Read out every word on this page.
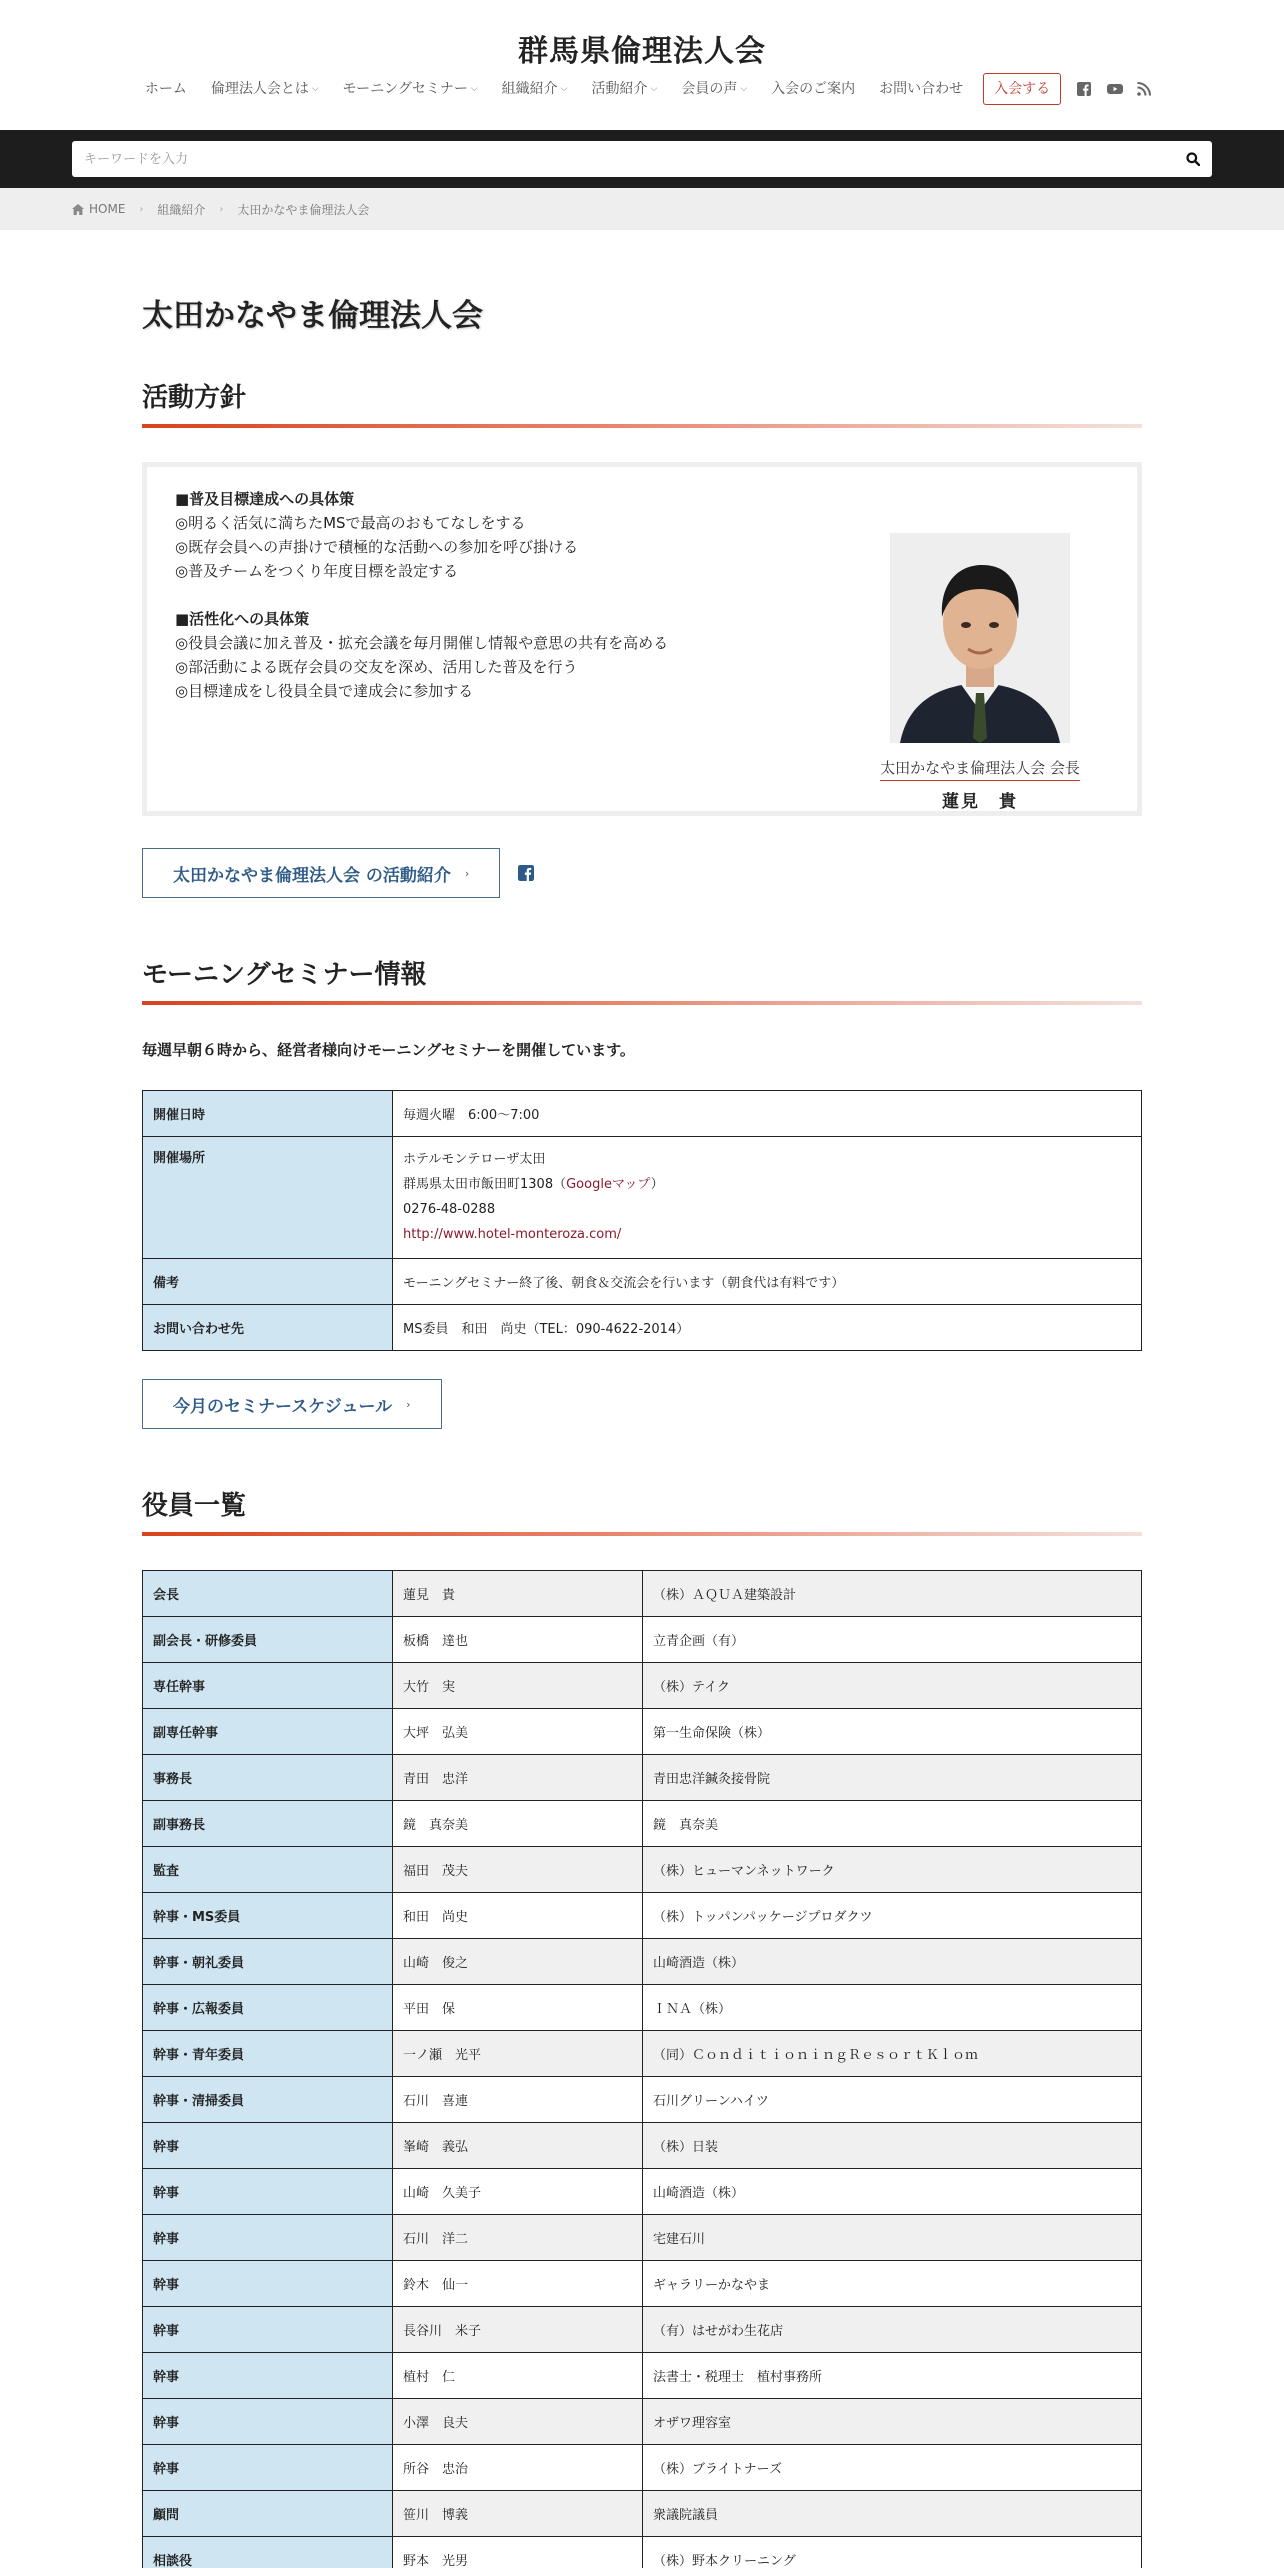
群馬県倫理法人会
ホーム 倫理法人会とは ⌵ モーニングセミナー ⌵ 組織紹介 ⌵ 活動紹介 ⌵ 会員の声 ⌵ 入会のご案内 お問い合わせ	入会する
キーワードを入力
HOME › 組織紹介 › 太田かなやま倫理法人会
太田かなやま倫理法人会
活動方針
■普及目標達成への具体策
◎明るく活気に満ちたMSで最高のおもてなしをする
◎既存会員への声掛けで積極的な活動への参加を呼び掛ける
◎普及チームをつくり年度目標を設定する
■活性化への具体策
◎役員会議に加え普及・拡充会議を毎月開催し情報や意思の共有を高める
◎部活動による既存会員の交友を深め、活用した普及を行う
◎目標達成をし役員全員で達成会に参加する
太田かなやま倫理法人会 会長
蓮見　貴
太田かなやま倫理法人会 の活動紹介 ›
モーニングセミナー情報

毎週早朝６時から、経営者様向けモーニングセミナーを開催しています。

開催日時	毎週火曜　6:00～7:00
開催場所	ホテルモンテローザ太田
群馬県太田市飯田町1308（Googleマップ）
0276-48-0288
http://www.hotel-monteroza.com/

備考	モーニングセミナー終了後、朝食＆交流会を行います（朝食代は有料です）
お問い合わせ先	MS委員　和田　尚史（TEL：090-4622-2014）
今月のセミナースケジュール ›
役員一覧
会長	蓮見　貴	（株）ＡＱＵＡ建築設計
副会長・研修委員	板橋　達也	立青企画（有）
専任幹事	大竹　実	（株）テイク
副専任幹事	大坪　弘美	第一生命保険（株）
事務長	青田　忠洋	青田忠洋鍼灸接骨院
副事務長	鏡　真奈美	鏡　真奈美
監査	福田　茂夫	（株）ヒューマンネットワーク
幹事・MS委員	和田　尚史	（株）トッパンパッケージプロダクツ
幹事・朝礼委員	山崎　俊之	山崎酒造（株）
幹事・広報委員	平田　保	ＩＮＡ（株）
幹事・青年委員	一ノ瀬　光平	（同）ＣｏｎｄｉｔｉｏｎｉｎｇＲｅｓｏｒｔＫｌｏｍ
幹事・清掃委員	石川　喜連	石川グリーンハイツ
幹事	峯崎　義弘	（株）日装
幹事	山崎　久美子	山崎酒造（株）
幹事	石川　洋二	宅建石川
幹事	鈴木　仙一	ギャラリーかなやま
幹事	長谷川　米子	（有）はせがわ生花店
幹事	植村　仁	法書士・税理士　植村事務所
幹事	小澤　良夫	オザワ理容室
幹事	所谷　忠治	（株）ブライトナーズ
顧問	笹川　博義	衆議院議員
相談役	野本　光男	（株）野本クリーニング
